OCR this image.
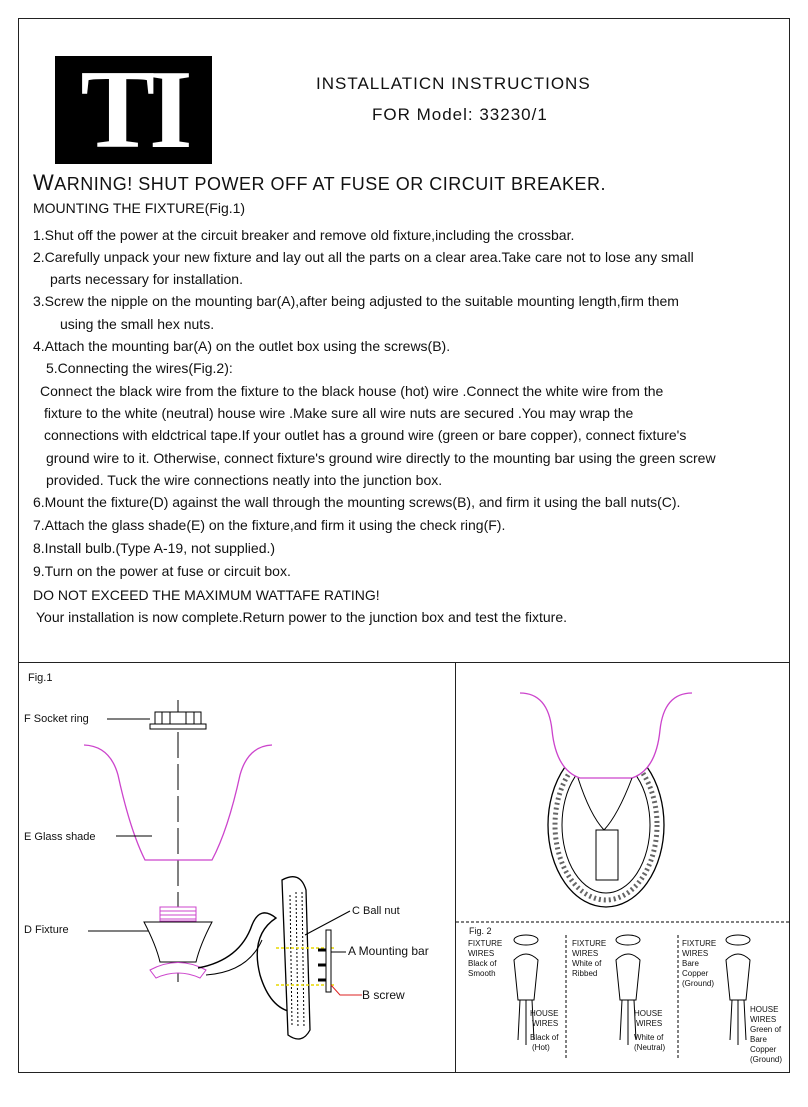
TI	INSTALLATICN INSTRUCTIONS
FOR Model: 33230/1
WARNING! SHUT POWER OFF AT FUSE OR CIRCUIT BREAKER.
MOUNTING THE FIXTURE(Fig.1)
1.Shut off the power at the circuit breaker and remove old fixture,including the crossbar.
2.Carefully unpack your new fixture and lay out all the parts on a clear area.Take care not to lose any small
parts necessary for installation.
3.Screw the nipple on the mounting bar(A),after being adjusted to the suitable mounting length,firm them
using the small hex nuts.
4.Attach the mounting bar(A) on the outlet box using the screws(B).
5.Connecting the wires(Fig.2):
Connect the black wire from the fixture to the black house (hot) wire .Connect the white wire from the
fixture to the white (neutral) house wire .Make sure all wire nuts are secured .You may wrap the
connections with eldctrical tape.If your outlet has a ground wire (green or bare copper), connect fixture's
ground wire to it. Otherwise, connect fixture's ground wire directly to the mounting bar using the green screw
provided. Tuck the wire connections neatly into the junction box.
6.Mount the fixture(D) against the wall through the mounting screws(B), and firm it using the ball nuts(C).
7.Attach the glass shade(E) on the fixture,and firm it using the check ring(F).
8.Install bulb.(Type A-19, not supplied.)
9.Turn on the power at fuse or circuit box.
DO NOT EXCEED THE MAXIMUM WATTAFE RATING!
Your installation is now complete.Return power to the junction box and test the fixture.
Fig.1
F Socket ring
E Glass shade
D Fixture
C Ball nut
A Mounting bar
B screw
Fig. 2
FIXTURE
WIRES
Black of
Smooth
HOUSE
WIRES
Black of
(Hot)
FIXTURE
WIRES
White of
Ribbed
HOUSE
WIRES
White of
(Neutral)
FIXTURE
WIRES
Bare
Copper
(Ground)
HOUSE
WIRES
Green of
Bare
Copper
(Ground)
